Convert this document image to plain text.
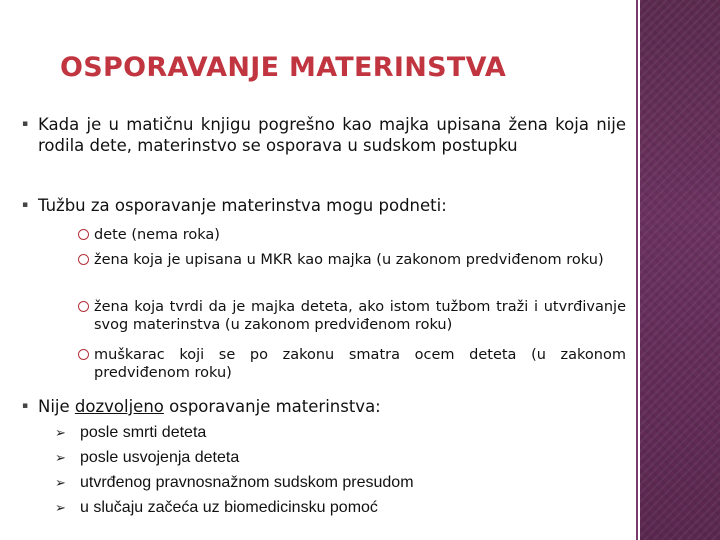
OSPORAVANJE MATERINSTVA
▪ Kada je u matičnu knjigu pogrešno kao majka upisana žena koja nije rodila dete, materinstvo se osporava u sudskom postupku
▪ Tužbu za osporavanje materinstva mogu podneti:
dete (nema roka)
žena koja je upisana u MKR kao majka (u zakonom predviđenom roku)
žena koja tvrdi da je majka deteta, ako istom tužbom traži i utvrđivanje svog materinstva (u zakonom predviđenom roku)
muškarac koji se po zakonu smatra ocem deteta (u zakonom predviđenom roku)
▪ Nije dozvoljeno osporavanje materinstva:
➢ posle smrti deteta
➢ posle usvojenja deteta
➢ utvrđenog pravnosnažnom sudskom presudom
➢ u slučaju začeća uz biomedicinsku pomoć
